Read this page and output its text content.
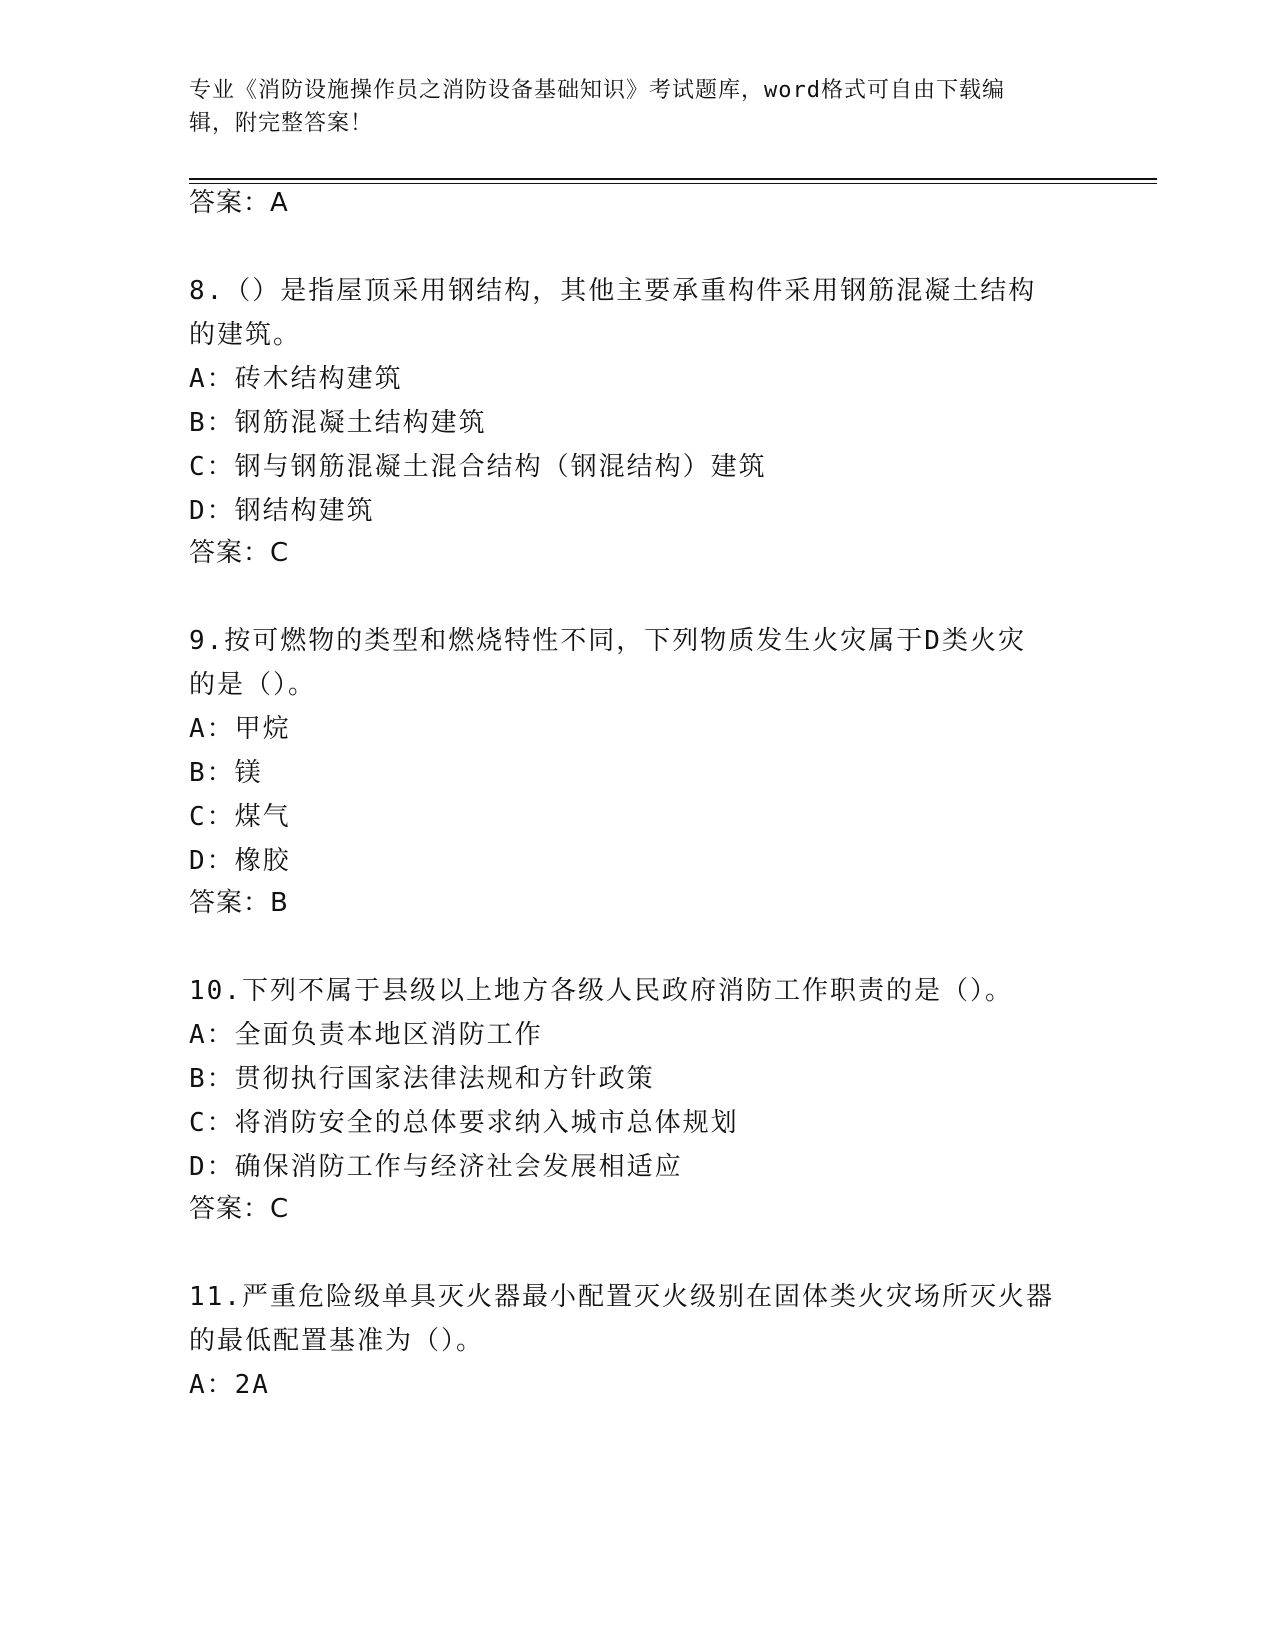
专业《消防设施操作员之消防设备基础知识》考试题库，word格式可自由下载编
辑，附完整答案！
答案：A
8.（）是指屋顶采用钢结构，其他主要承重构件采用钢筋混凝土结构
的建筑。
A：砖木结构建筑
B：钢筋混凝土结构建筑
C：钢与钢筋混凝土混合结构（钢混结构）建筑
D：钢结构建筑
答案：C
9.按可燃物的类型和燃烧特性不同，下列物质发生火灾属于D类火灾
的是（）。
A：甲烷
B：镁
C：煤气
D：橡胶
答案：B
10.下列不属于县级以上地方各级人民政府消防工作职责的是（）。
A：全面负责本地区消防工作
B：贯彻执行国家法律法规和方针政策
C：将消防安全的总体要求纳入城市总体规划
D：确保消防工作与经济社会发展相适应
答案：C
11.严重危险级单具灭火器最小配置灭火级别在固体类火灾场所灭火器
的最低配置基准为（）。
A：2A
